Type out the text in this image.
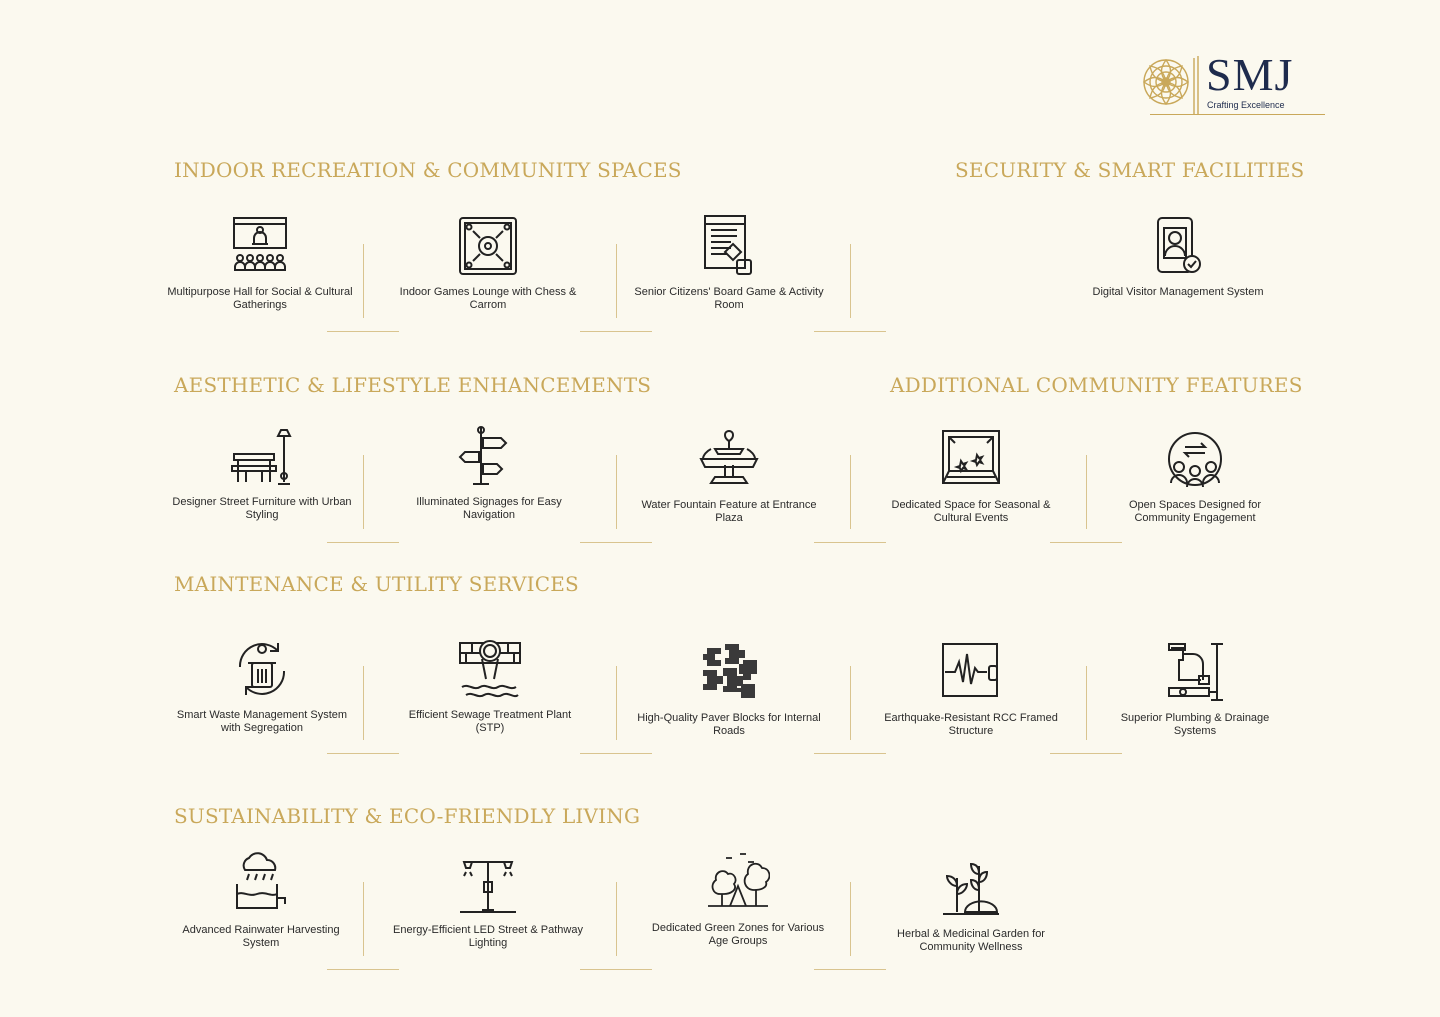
SMJ
Crafting Excellence
INDOOR RECREATION & COMMUNITY SPACES	SECURITY & SMART FACILITIES
AESTHETIC & LIFESTYLE ENHANCEMENTS	ADDITIONAL COMMUNITY FEATURES
MAINTENANCE & UTILITY SERVICES
SUSTAINABILITY & ECO-FRIENDLY LIVING
Multipurpose Hall for Social & Cultural Gatherings
Indoor Games Lounge with Chess & Carrom
Senior Citizens' Board Game & Activity Room
Digital Visitor Management System
Designer Street Furniture with Urban Styling
Illuminated Signages for Easy Navigation
Water Fountain Feature at Entrance Plaza
Dedicated Space for Seasonal & Cultural Events
Open Spaces Designed for Community Engagement
Smart Waste Management System with Segregation
Efficient Sewage Treatment Plant (STP)
High-Quality Paver Blocks for Internal Roads
Earthquake-Resistant RCC Framed Structure
Superior Plumbing & Drainage Systems
Advanced Rainwater Harvesting System
Energy-Efficient LED Street & Pathway Lighting
Dedicated Green Zones for Various Age Groups
Herbal & Medicinal Garden for Community Wellness
